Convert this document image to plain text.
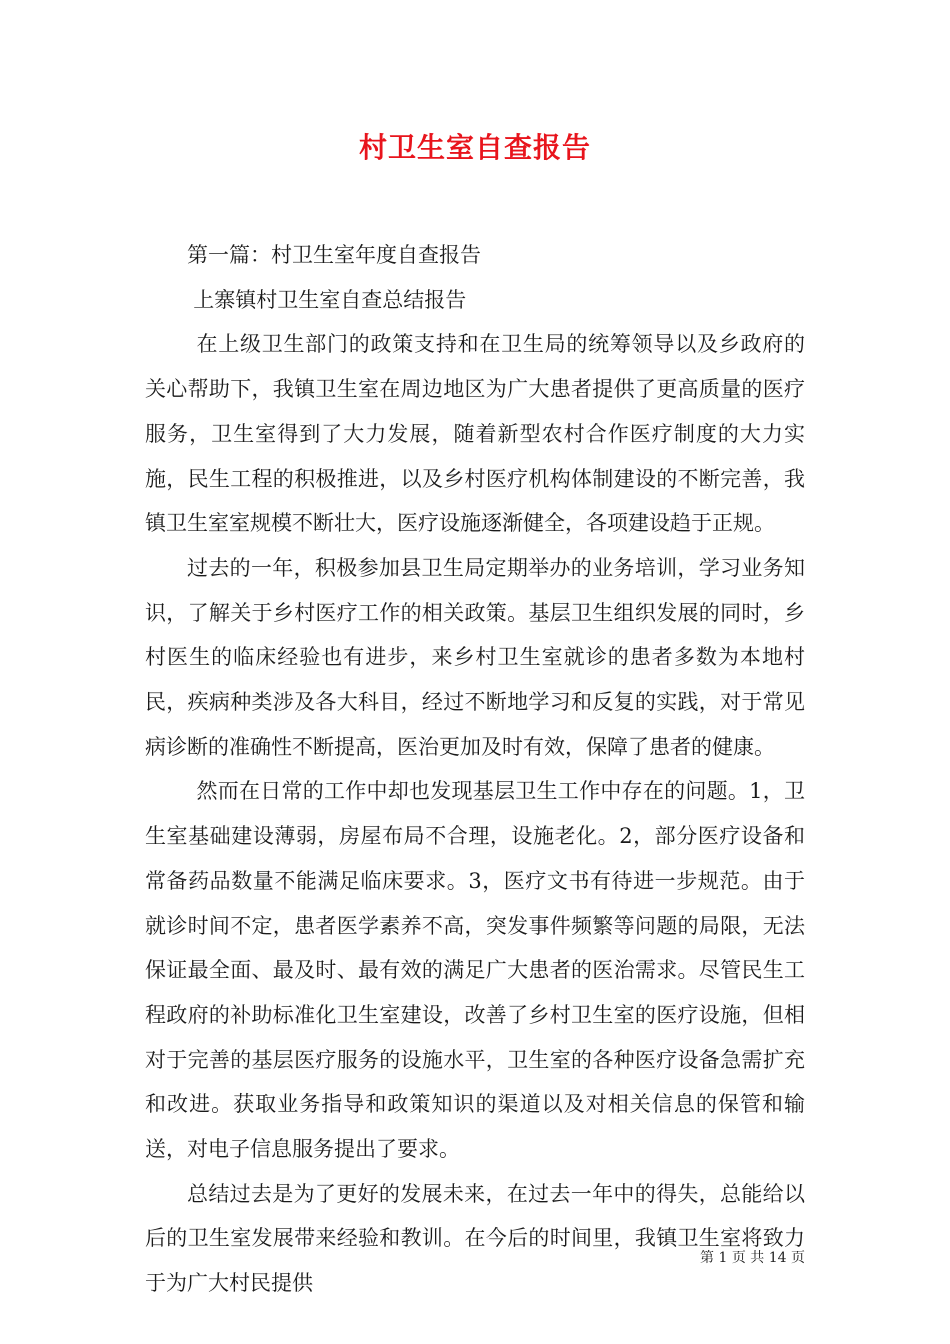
村卫生室自查报告

第一篇：村卫生室年度自查报告

上寨镇村卫生室自查总结报告

在上级卫生部门的政策支持和在卫生局的统筹领导以及乡政府的关心帮助下，我镇卫生室在周边地区为广大患者提供了更高质量的医疗服务，卫生室得到了大力发展，随着新型农村合作医疗制度的大力实施，民生工程的积极推进，以及乡村医疗机构体制建设的不断完善，我镇卫生室室规模不断壮大，医疗设施逐渐健全，各项建设趋于正规。

过去的一年，积极参加县卫生局定期举办的业务培训，学习业务知识，了解关于乡村医疗工作的相关政策。基层卫生组织发展的同时，乡村医生的临床经验也有进步，来乡村卫生室就诊的患者多数为本地村民，疾病种类涉及各大科目，经过不断地学习和反复的实践，对于常见病诊断的准确性不断提高，医治更加及时有效，保障了患者的健康。

然而在日常的工作中却也发现基层卫生工作中存在的问题。1，卫生室基础建设薄弱，房屋布局不合理，设施老化。2，部分医疗设备和常备药品数量不能满足临床要求。3，医疗文书有待进一步规范。由于就诊时间不定，患者医学素养不高，突发事件频繁等问题的局限，无法保证最全面、最及时、最有效的满足广大患者的医治需求。尽管民生工程政府的补助标准化卫生室建设，改善了乡村卫生室的医疗设施，但相对于完善的基层医疗服务的设施水平，卫生室的各种医疗设备急需扩充和改进。获取业务指导和政策知识的渠道以及对相关信息的保管和输送，对电子信息服务提出了要求。

总结过去是为了更好的发展未来，在过去一年中的得失，总能给以后的卫生室发展带来经验和教训。在今后的时间里，我镇卫生室将致力于为广大村民提供

第 1 页 共 14 页
